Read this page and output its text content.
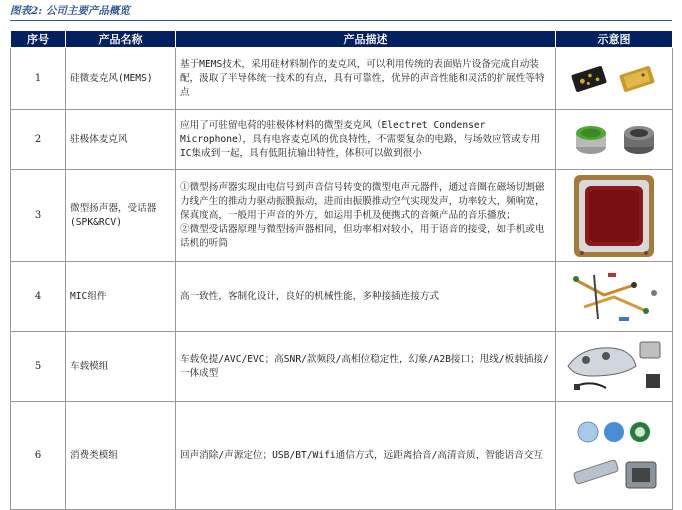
图表2: 公司主要产品概览
序号	产品名称	产品描述	示意图
1	硅微麦克风(MEMS)	基于MEMS技术，采用硅材料制作的麦克风，可以利用传统的表面贴片设备完成自动装配，汲取了半导体统一技术的有点，具有可靠性，优异的声音性能和灵活的扩展性等特点

2	驻极体麦克风	应用了可驻留电荷的驻极体材料的微型麦克风（Electret Condenser Microphone），具有电容麦克风的优良特性，不需要复杂的电路，与场效应管或专用IC集成到一起，具有低阻抗输出特性，体积可以做到很小

3	微型扬声器，受话器(SPK&RCV)	①微型扬声器实现由电信号到声音信号转变的微型电声元器件，通过音圈在磁场切割磁力线产生的推动力驱动振膜振动，进而由振膜推动空气实现发声，功率较大，频响宽，保真度高，一般用于声音的外方，如运用手机及便携式的音频产品的音乐播放；

②微型受话器原理与微型扬声器相同，但功率相对较小，用于语音的接受，如手机或电话机的听筒

4	MIC组件	高一致性，客制化设计，良好的机械性能，多种接插连接方式

5	车载模组	车载免提/AVC/EVC；高SNR/款频段/高相位稳定性，幻象/A2B接口；甩线/板载插接/一体成型

6	消费类模组	回声消除/声源定位；USB/BT/Wifi通信方式，远距离拾音/高清音质，智能语音交互
